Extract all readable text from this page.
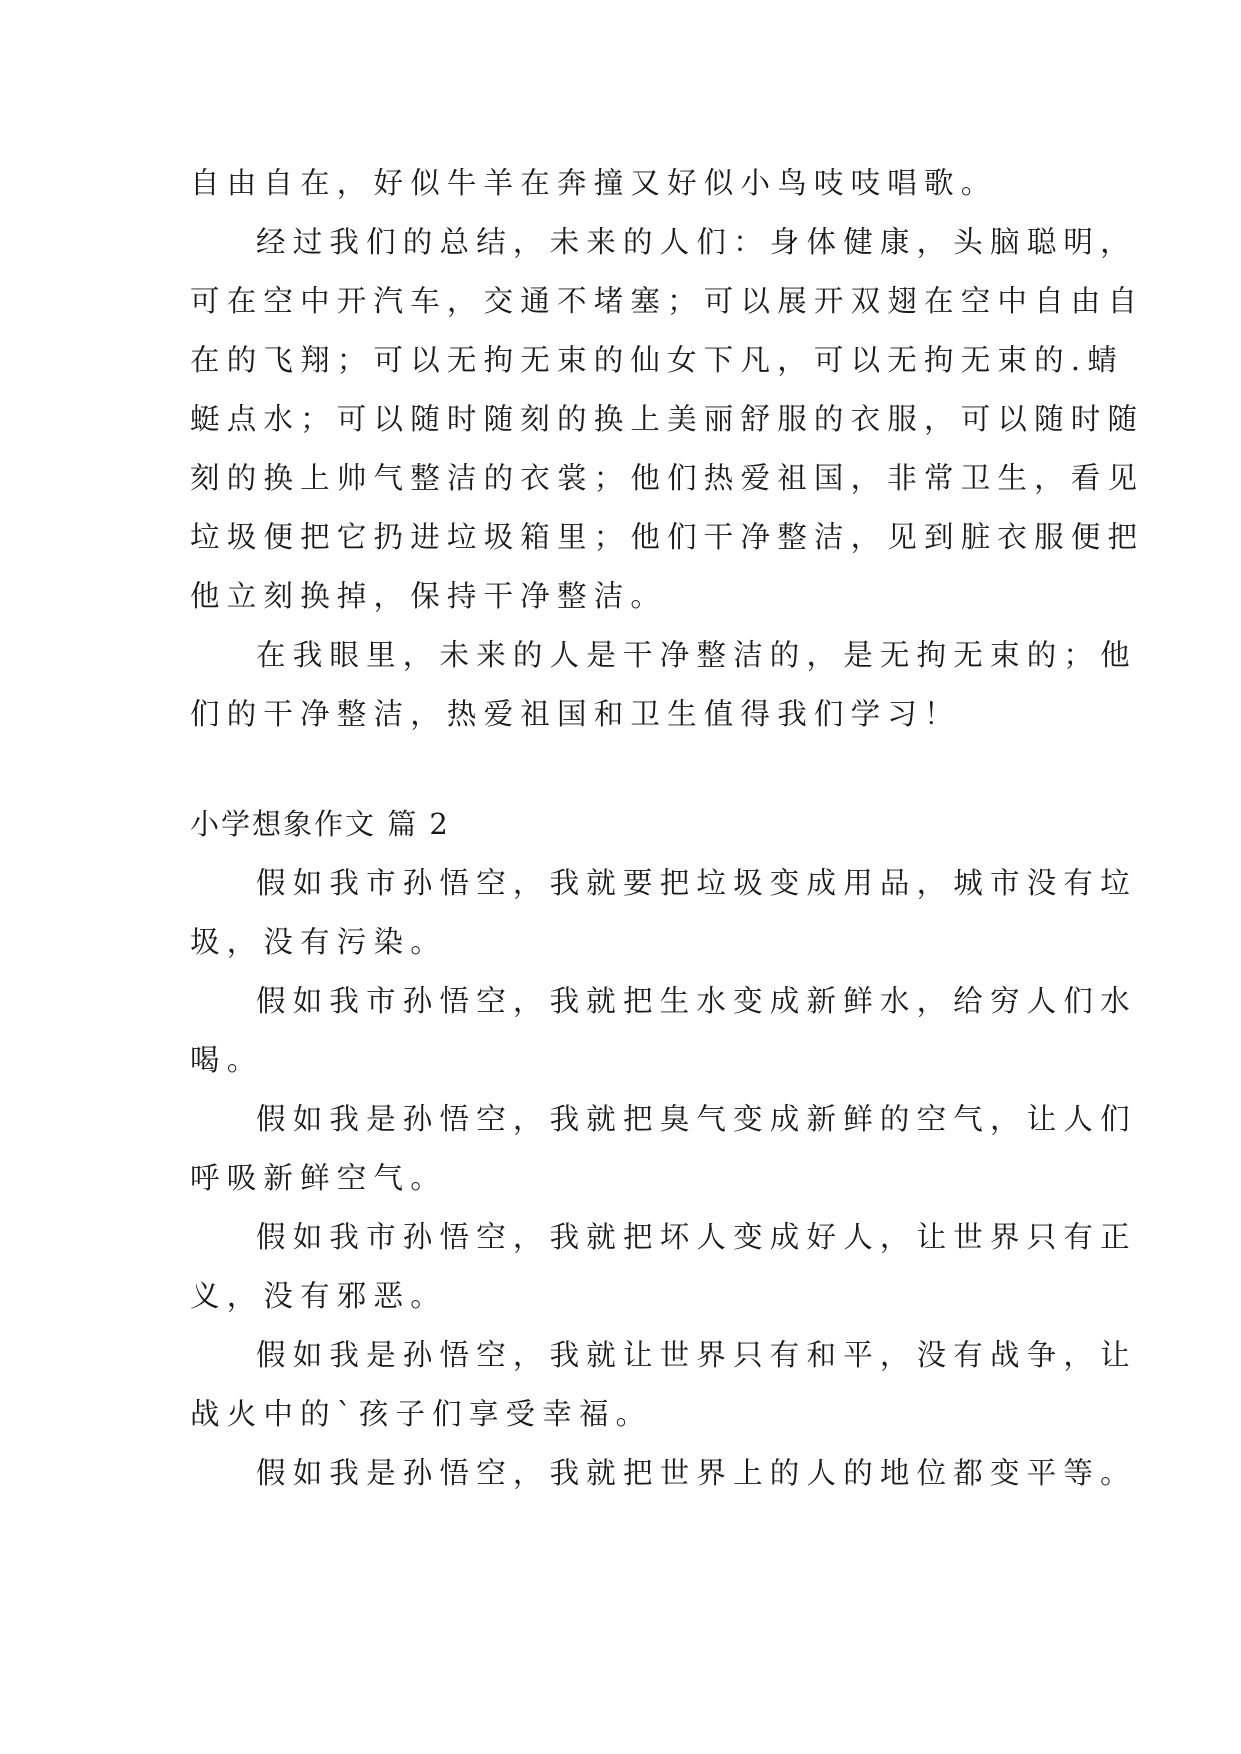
自由自在，好似牛羊在奔撞又好似小鸟吱吱唱歌。
经过我们的总结，未来的人们：身体健康，头脑聪明，
可在空中开汽车，交通不堵塞；可以展开双翅在空中自由自
在的飞翔；可以无拘无束的仙女下凡，可以无拘无束的.蜻
蜓点水；可以随时随刻的换上美丽舒服的衣服，可以随时随
刻的换上帅气整洁的衣裳；他们热爱祖国，非常卫生，看见
垃圾便把它扔进垃圾箱里；他们干净整洁，见到脏衣服便把
他立刻换掉，保持干净整洁。
在我眼里，未来的人是干净整洁的，是无拘无束的；他
们的干净整洁，热爱祖国和卫生值得我们学习！
小学想象作文 篇 2
假如我市孙悟空，我就要把垃圾变成用品，城市没有垃
圾，没有污染。
假如我市孙悟空，我就把生水变成新鲜水，给穷人们水
喝。
假如我是孙悟空，我就把臭气变成新鲜的空气，让人们
呼吸新鲜空气。
假如我市孙悟空，我就把坏人变成好人，让世界只有正
义，没有邪恶。
假如我是孙悟空，我就让世界只有和平，没有战争，让
战火中的`孩子们享受幸福。
假如我是孙悟空，我就把世界上的人的地位都变平等。
